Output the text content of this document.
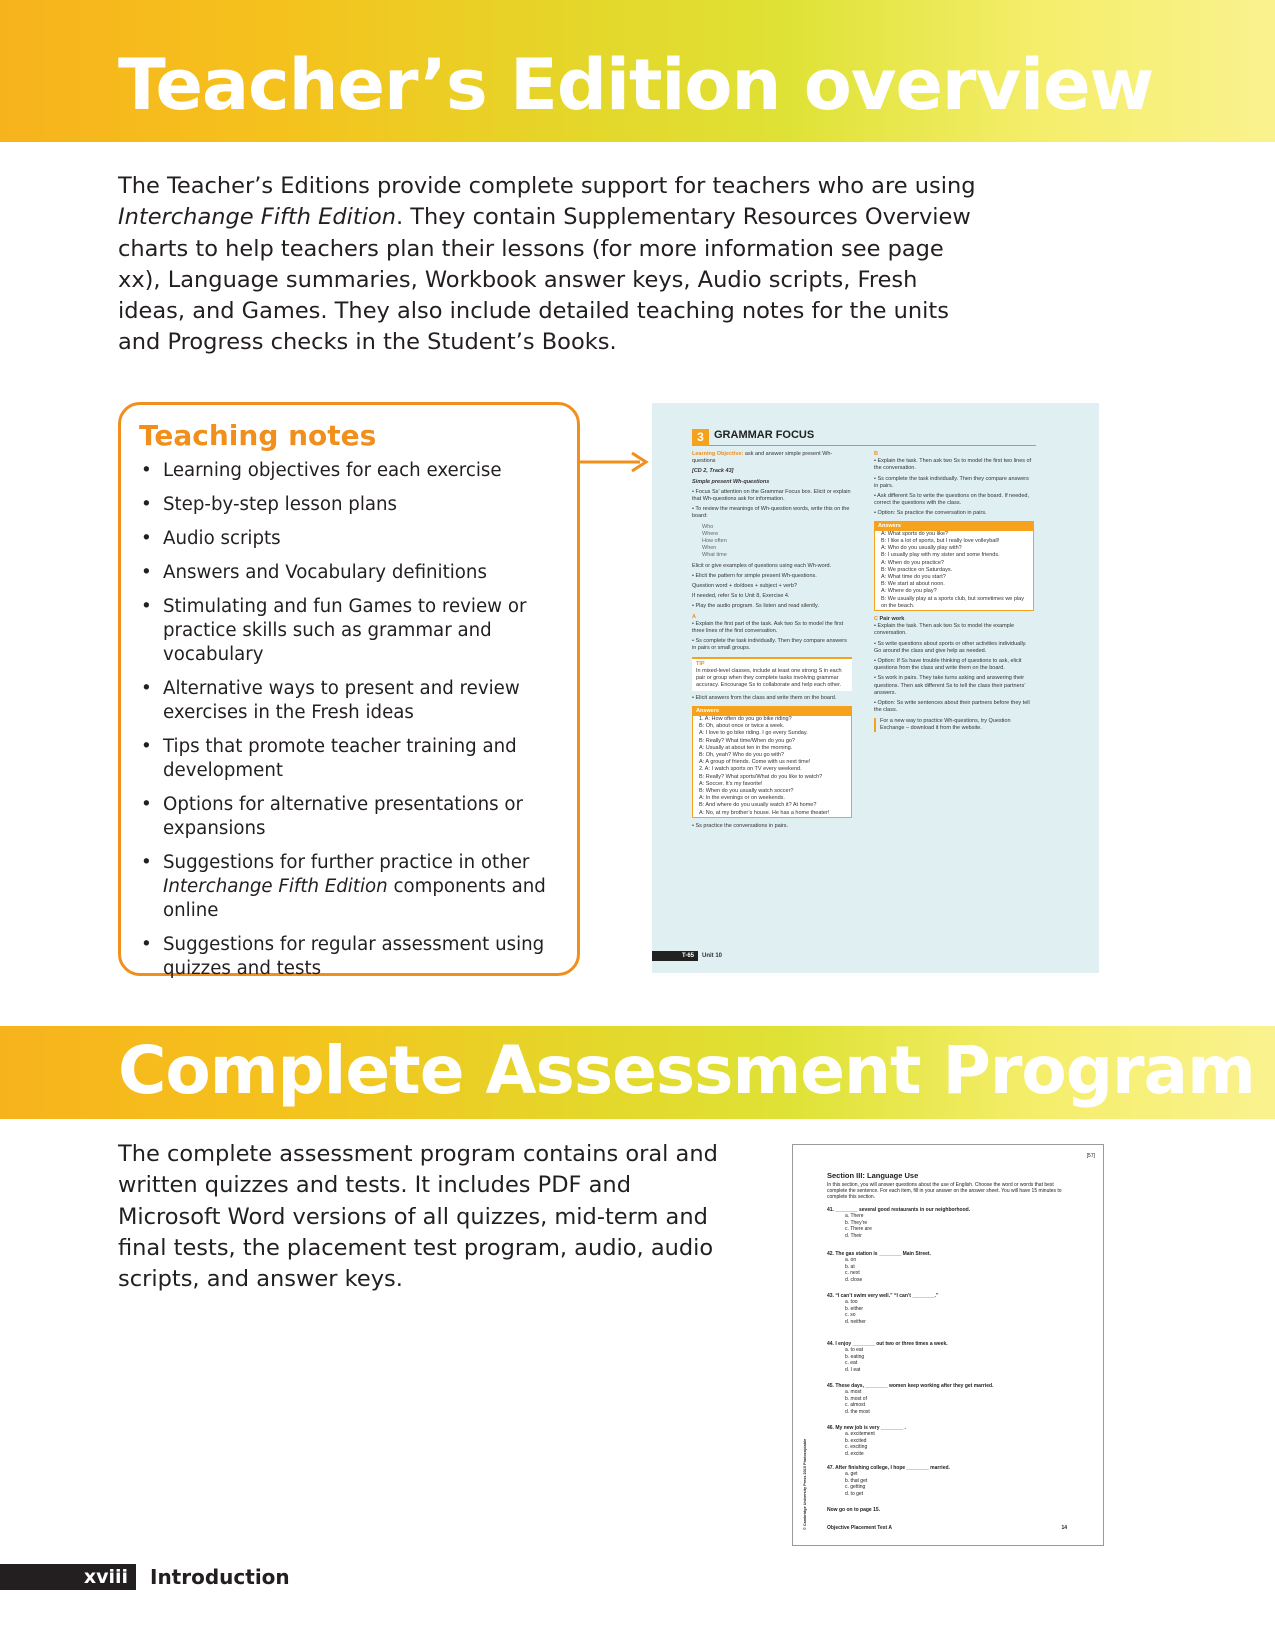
Teacher’s Edition overview

The Teacher’s Editions provide complete support for teachers who are using Interchange Fifth Edition. They contain Supplementary Resources Overview charts to help teachers plan their lessons (for more information see page xx), Language summaries, Workbook answer keys, Audio scripts, Fresh ideas, and Games. They also include detailed teaching notes for the units and Progress checks in the Student’s Books.

Teaching notes
• Learning objectives for each exercise
• Step-by-step lesson plans
• Audio scripts
• Answers and Vocabulary definitions
• Stimulating and fun Games to review or practice skills such as grammar and vocabulary
• Alternative ways to present and review exercises in the Fresh ideas
• Tips that promote teacher training and development
• Options for alternative presentations or expansions
• Suggestions for further practice in other Interchange Fifth Edition components and online
• Suggestions for regular assessment using quizzes and tests
3 GRAMMAR FOCUS
Learning Objective: ask and answer simple present Wh-questions
[CD 2, Track 43]
Simple present Wh-questions
• Focus Ss’ attention on the Grammar Focus box. Elicit or explain that Wh-questions ask for information.
• To review the meanings of Wh-question words, write this on the board:
Who
Where
How often
When
What time
Elicit or give examples of questions using each Wh-word.
• Elicit the pattern for simple present Wh-questions.
Question word + do/does + subject + verb?
If needed, refer Ss to Unit 8, Exercise 4.
• Play the audio program. Ss listen and read silently.
A
• Explain the first part of the task. Ask two Ss to model the first three lines of the first conversation.
• Ss complete the task individually. Then they compare answers in pairs or small groups.
TIP
In mixed-level classes, include at least one strong S in each pair or group when they complete tasks involving grammar accuracy. Encourage Ss to collaborate and help each other.
• Elicit answers from the class and write them on the board.
Answers
1. A: How often do you go bike riding?
B: Oh, about once or twice a week.
A: I love to go bike riding. I go every Sunday.
B: Really? What time/When do you go?
A: Usually at about ten in the morning.
B: Oh, yeah? Who do you go with?
A: A group of friends. Come with us next time!
2. A: I watch sports on TV every weekend.
B: Really? What sports/What do you like to watch?
A: Soccer. It’s my favorite!
B: When do you usually watch soccer?
A: In the evenings or on weekends.
B: And where do you usually watch it? At home?
A: No, at my brother’s house. He has a home theater!
• Ss practice the conversations in pairs.
B
• Explain the task. Then ask two Ss to model the first two lines of the conversation.
• Ss complete the task individually. Then they compare answers in pairs.
• Ask different Ss to write the questions on the board. If needed, correct the questions with the class.
• Option: Ss practice the conversation in pairs.
Answers
A: What sports do you like?
B: I like a lot of sports, but I really love volleyball!
A: Who do you usually play with?
B: I usually play with my sister and some friends.
A: When do you practice?
B: We practice on Saturdays.
A: What time do you start?
B: We start at about noon.
A: Where do you play?
B: We usually play at a sports club, but sometimes we play on the beach.
C Pair work
• Explain the task. Then ask two Ss to model the example conversation.
• Ss write questions about sports or other activities individually. Go around the class and give help as needed.
• Option: If Ss have trouble thinking of questions to ask, elicit questions from the class and write them on the board.
• Ss work in pairs. They take turns asking and answering their questions. Then ask different Ss to tell the class their partners’ answers.
• Option: Ss write sentences about their partners before they tell the class.
For a new way to practice Wh-questions, try Question Exchange – download it from the website.
T-65 Unit 10
Complete Assessment Program

The complete assessment program contains oral and written quizzes and tests. It includes PDF and Microsoft Word versions of all quizzes, mid-term and final tests, the placement test program, audio, audio scripts, and answer keys.

[57]
Section III: Language Use
In this section, you will answer questions about the use of English. Choose the word or words that best complete the sentence. For each item, fill in your answer on the answer sheet. You will have 15 minutes to complete this section.
41. ________ several good restaurants in our neighborhood.
a. There
b. They’re
c. There are
d. Their
42. The gas station is ________ Main Street.
a. on
b. at
c. next
d. close
43. “I can’t swim very well.” “I can’t ________.”
a. too
b. either
c. so
d. neither
44. I enjoy ________ out two or three times a week.
a. to eat
b. eating
c. eat
d. I eat
45. These days, ________ women keep working after they get married.
a. most
b. most of
c. almost
d. the most
46. My new job is very ________ .
a. excitement
b. excited
c. exciting
d. excite
47. After finishing college, I hope ________ married.
a. get
b. that get
c. getting
d. to get
Now go on to page 15.
Objective Placement Test A	14
© Cambridge University Press 2015 Photocopiable
xviii	Introduction
